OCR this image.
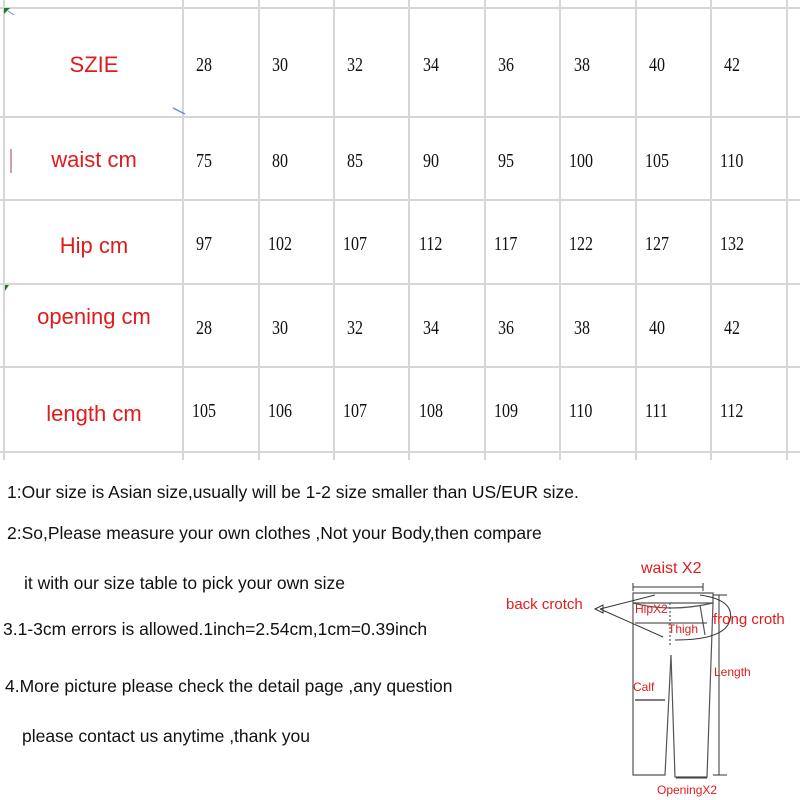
SZIE	28	30	32	34	36	38	40	42
waist cm	75	80	85	90	95	100	105	110
Hip cm	97	102	107	112	117	122	127	132
opening cm	28	30	32	34	36	38	40	42
length cm	105	106	107	108	109	110	111	112
1:Our size is Asian size,usually will be 1-2 size smaller than US/EUR size.
2:So,Please measure your own clothes ,Not your Body,then compare
it with our size table to pick your own size
3.1-3cm errors is allowed.1inch=2.54cm,1cm=0.39inch
4.More picture please check the detail page ,any question
please contact us anytime ,thank you
waist X2
back crotch	HipX2
Thigh
frong croth
Length
Calf
OpeningX2
